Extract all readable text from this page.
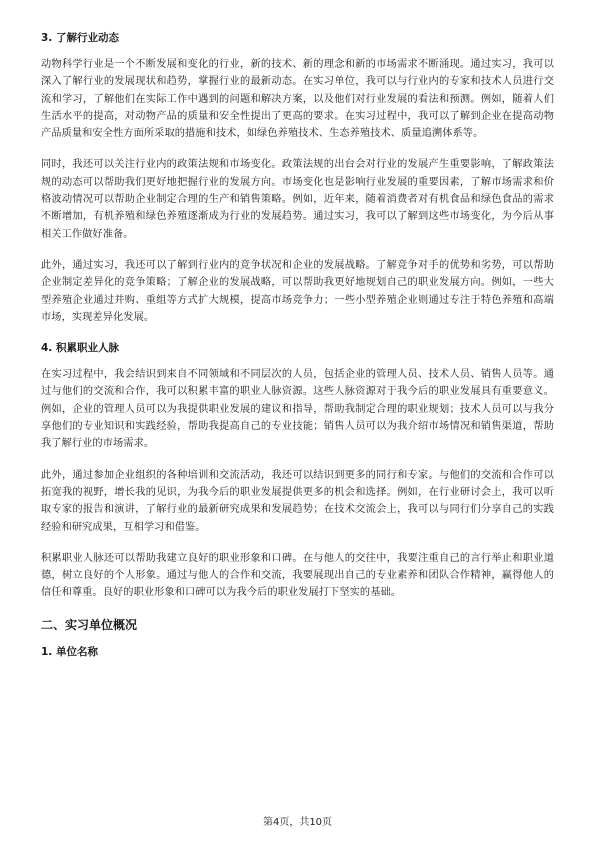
3. 了解行业动态

动物科学行业是一个不断发展和变化的行业，新的技术、新的理念和新的市场需求不断涌现。通过实习，我可以深入了解行业的发展现状和趋势，掌握行业的最新动态。在实习单位，我可以与行业内的专家和技术人员进行交流和学习，了解他们在实际工作中遇到的问题和解决方案，以及他们对行业发展的看法和预测。例如，随着人们生活水平的提高，对动物产品的质量和安全性提出了更高的要求。在实习过程中，我可以了解到企业在提高动物产品质量和安全性方面所采取的措施和技术，如绿色养殖技术、生态养殖技术、质量追溯体系等。

同时，我还可以关注行业内的政策法规和市场变化。政策法规的出台会对行业的发展产生重要影响，了解政策法规的动态可以帮助我们更好地把握行业的发展方向。市场变化也是影响行业发展的重要因素，了解市场需求和价格波动情况可以帮助企业制定合理的生产和销售策略。例如，近年来，随着消费者对有机食品和绿色食品的需求不断增加，有机养殖和绿色养殖逐渐成为行业的发展趋势。通过实习，我可以了解到这些市场变化，为今后从事相关工作做好准备。

此外，通过实习，我还可以了解到行业内的竞争状况和企业的发展战略。了解竞争对手的优势和劣势，可以帮助企业制定差异化的竞争策略；了解企业的发展战略，可以帮助我更好地规划自己的职业发展方向。例如，一些大型养殖企业通过并购、重组等方式扩大规模，提高市场竞争力；一些小型养殖企业则通过专注于特色养殖和高端市场，实现差异化发展。

4. 积累职业人脉

在实习过程中，我会结识到来自不同领域和不同层次的人员，包括企业的管理人员、技术人员、销售人员等。通过与他们的交流和合作，我可以积累丰富的职业人脉资源。这些人脉资源对于我今后的职业发展具有重要意义。例如，企业的管理人员可以为我提供职业发展的建议和指导，帮助我制定合理的职业规划；技术人员可以与我分享他们的专业知识和实践经验，帮助我提高自己的专业技能；销售人员可以为我介绍市场情况和销售渠道，帮助我了解行业的市场需求。

此外，通过参加企业组织的各种培训和交流活动，我还可以结识到更多的同行和专家。与他们的交流和合作可以拓宽我的视野，增长我的见识，为我今后的职业发展提供更多的机会和选择。例如，在行业研讨会上，我可以听取专家的报告和演讲，了解行业的最新研究成果和发展趋势；在技术交流会上，我可以与同行们分享自己的实践经验和研究成果，互相学习和借鉴。

积累职业人脉还可以帮助我建立良好的职业形象和口碑。在与他人的交往中，我要注重自己的言行举止和职业道德，树立良好的个人形象。通过与他人的合作和交流，我要展现出自己的专业素养和团队合作精神，赢得他人的信任和尊重。良好的职业形象和口碑可以为我今后的职业发展打下坚实的基础。

二、实习单位概况
1. 单位名称
第4页，共10页
